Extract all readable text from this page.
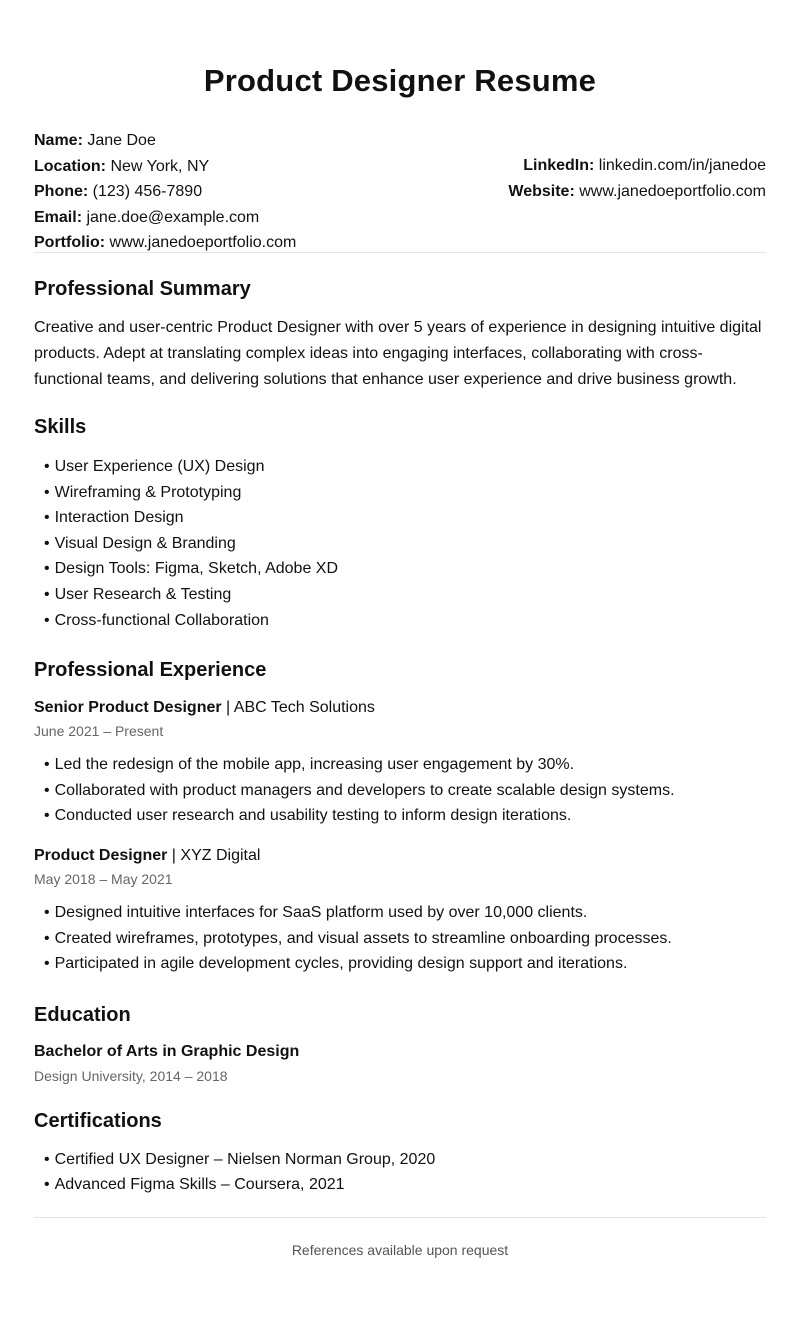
Product Designer Resume
Name: Jane Doe
Location: New York, NY
Phone: (123) 456-7890
Email: jane.doe@example.com
Portfolio: www.janedoeportfolio.com
LinkedIn: linkedin.com/in/janedoe
Website: www.janedoeportfolio.com
Professional Summary
Creative and user-centric Product Designer with over 5 years of experience in designing intuitive digital products. Adept at translating complex ideas into engaging interfaces, collaborating with cross-functional teams, and delivering solutions that enhance user experience and drive business growth.
Skills
• User Experience (UX) Design
• Wireframing & Prototyping
• Interaction Design
• Visual Design & Branding
• Design Tools: Figma, Sketch, Adobe XD
• User Research & Testing
• Cross-functional Collaboration
Professional Experience
Senior Product Designer | ABC Tech Solutions
June 2021 – Present
• Led the redesign of the mobile app, increasing user engagement by 30%.
• Collaborated with product managers and developers to create scalable design systems.
• Conducted user research and usability testing to inform design iterations.
Product Designer | XYZ Digital
May 2018 – May 2021
• Designed intuitive interfaces for SaaS platform used by over 10,000 clients.
• Created wireframes, prototypes, and visual assets to streamline onboarding processes.
• Participated in agile development cycles, providing design support and iterations.
Education
Bachelor of Arts in Graphic Design
Design University, 2014 – 2018
Certifications
• Certified UX Designer – Nielsen Norman Group, 2020
• Advanced Figma Skills – Coursera, 2021
References available upon request
